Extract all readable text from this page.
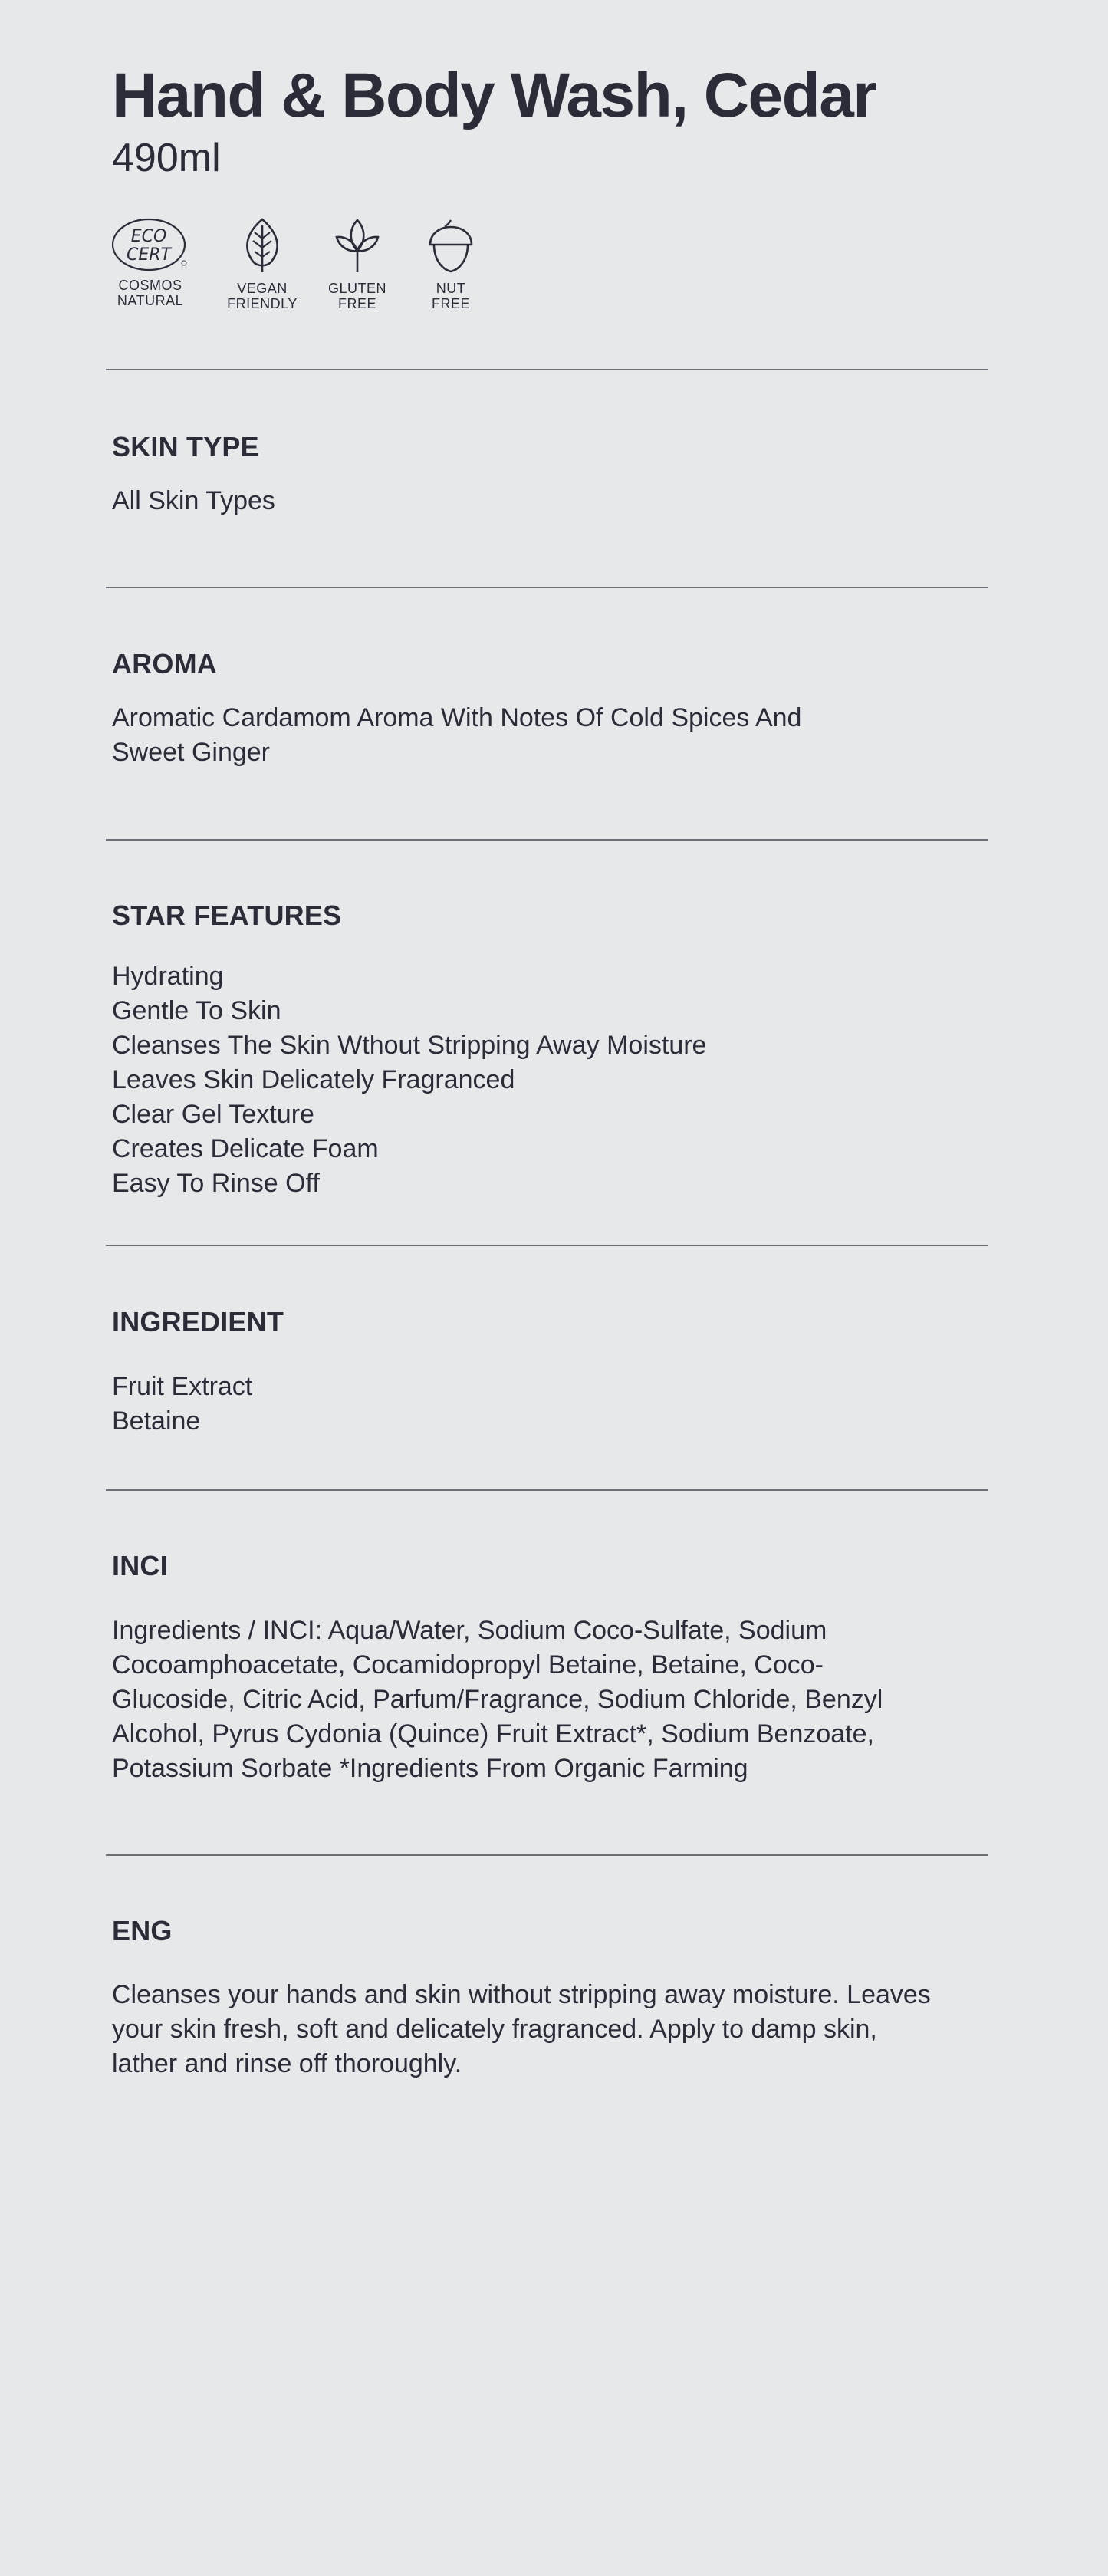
Hand & Body Wash, Cedar
490ml
ECO
CERT
COSMOS
NATURAL
VEGAN
FRIENDLY
GLUTEN
FREE
NUT
FREE
SKIN TYPE
All Skin Types
AROMA
Aromatic Cardamom Aroma With Notes Of Cold Spices And
Sweet Ginger
STAR FEATURES
Hydrating
Gentle To Skin
Cleanses The Skin Wthout Stripping Away Moisture
Leaves Skin Delicately Fragranced
Clear Gel Texture
Creates Delicate Foam
Easy To Rinse Off
INGREDIENT
Fruit Extract
Betaine
INCI
Ingredients / INCI: Aqua/Water, Sodium Coco-Sulfate, Sodium
Cocoamphoacetate, Cocamidopropyl Betaine, Betaine, Coco-
Glucoside, Citric Acid, Parfum/Fragrance, Sodium Chloride, Benzyl
Alcohol, Pyrus Cydonia (Quince) Fruit Extract*, Sodium Benzoate,
Potassium Sorbate *Ingredients From Organic Farming
ENG
Cleanses your hands and skin without stripping away moisture. Leaves
your skin fresh, soft and delicately fragranced. Apply to damp skin,
lather and rinse off thoroughly.
